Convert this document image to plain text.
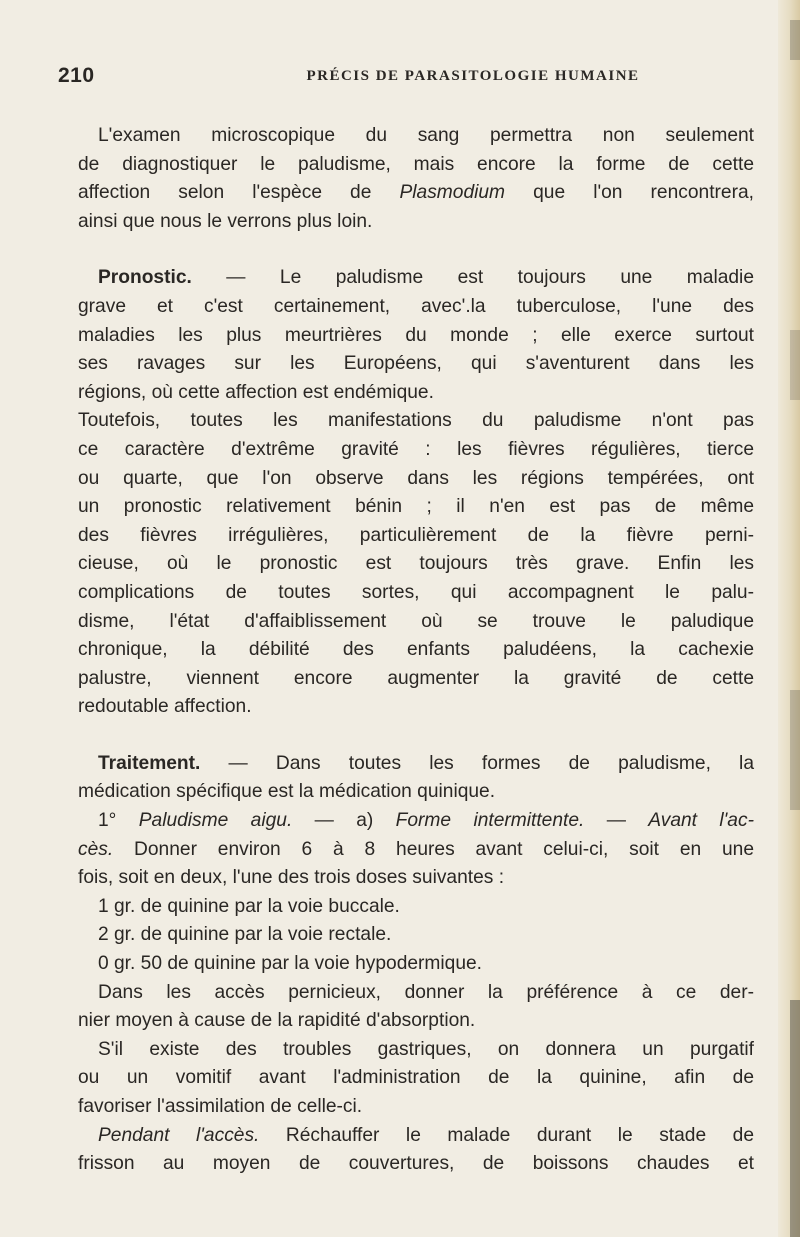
210	PRÉCIS DE PARASITOLOGIE HUMAINE
L'examen microscopique du sang permettra non seulement
de diagnostiquer le paludisme, mais encore la forme de cette
affection selon l'espèce de Plasmodium que l'on rencontrera,
ainsi que nous le verrons plus loin.
Pronostic. — Le paludisme est toujours une maladie
grave et c'est certainement, avec'.la tuberculose, l'une des
maladies les plus meurtrières du monde ; elle exerce surtout
ses ravages sur les Européens, qui s'aventurent dans les
régions, où cette affection est endémique.
Toutefois, toutes les manifestations du paludisme n'ont pas
ce caractère d'extrême gravité : les fièvres régulières, tierce
ou quarte, que l'on observe dans les régions tempérées, ont
un pronostic relativement bénin ; il n'en est pas de même
des fièvres irrégulières, particulièrement de la fièvre perni-
cieuse, où le pronostic est toujours très grave. Enfin les
complications de toutes sortes, qui accompagnent le palu-
disme, l'état d'affaiblissement où se trouve le paludique
chronique, la débilité des enfants paludéens, la cachexie
palustre, viennent encore augmenter la gravité de cette
redoutable affection.
Traitement. — Dans toutes les formes de paludisme, la
médication spécifique est la médication quinique.
1° Paludisme aigu. — a) Forme intermittente. — Avant l'ac-
cès. Donner environ 6 à 8 heures avant celui-ci, soit en une
fois, soit en deux, l'une des trois doses suivantes :
1 gr. de quinine par la voie buccale.
2 gr. de quinine par la voie rectale.
0 gr. 50 de quinine par la voie hypodermique.
Dans les accès pernicieux, donner la préférence à ce der-
nier moyen à cause de la rapidité d'absorption.
S'il existe des troubles gastriques, on donnera un purgatif
ou un vomitif avant l'administration de la quinine, afin de
favoriser l'assimilation de celle-ci.
Pendant l'accès. Réchauffer le malade durant le stade de
frisson au moyen de couvertures, de boissons chaudes et
